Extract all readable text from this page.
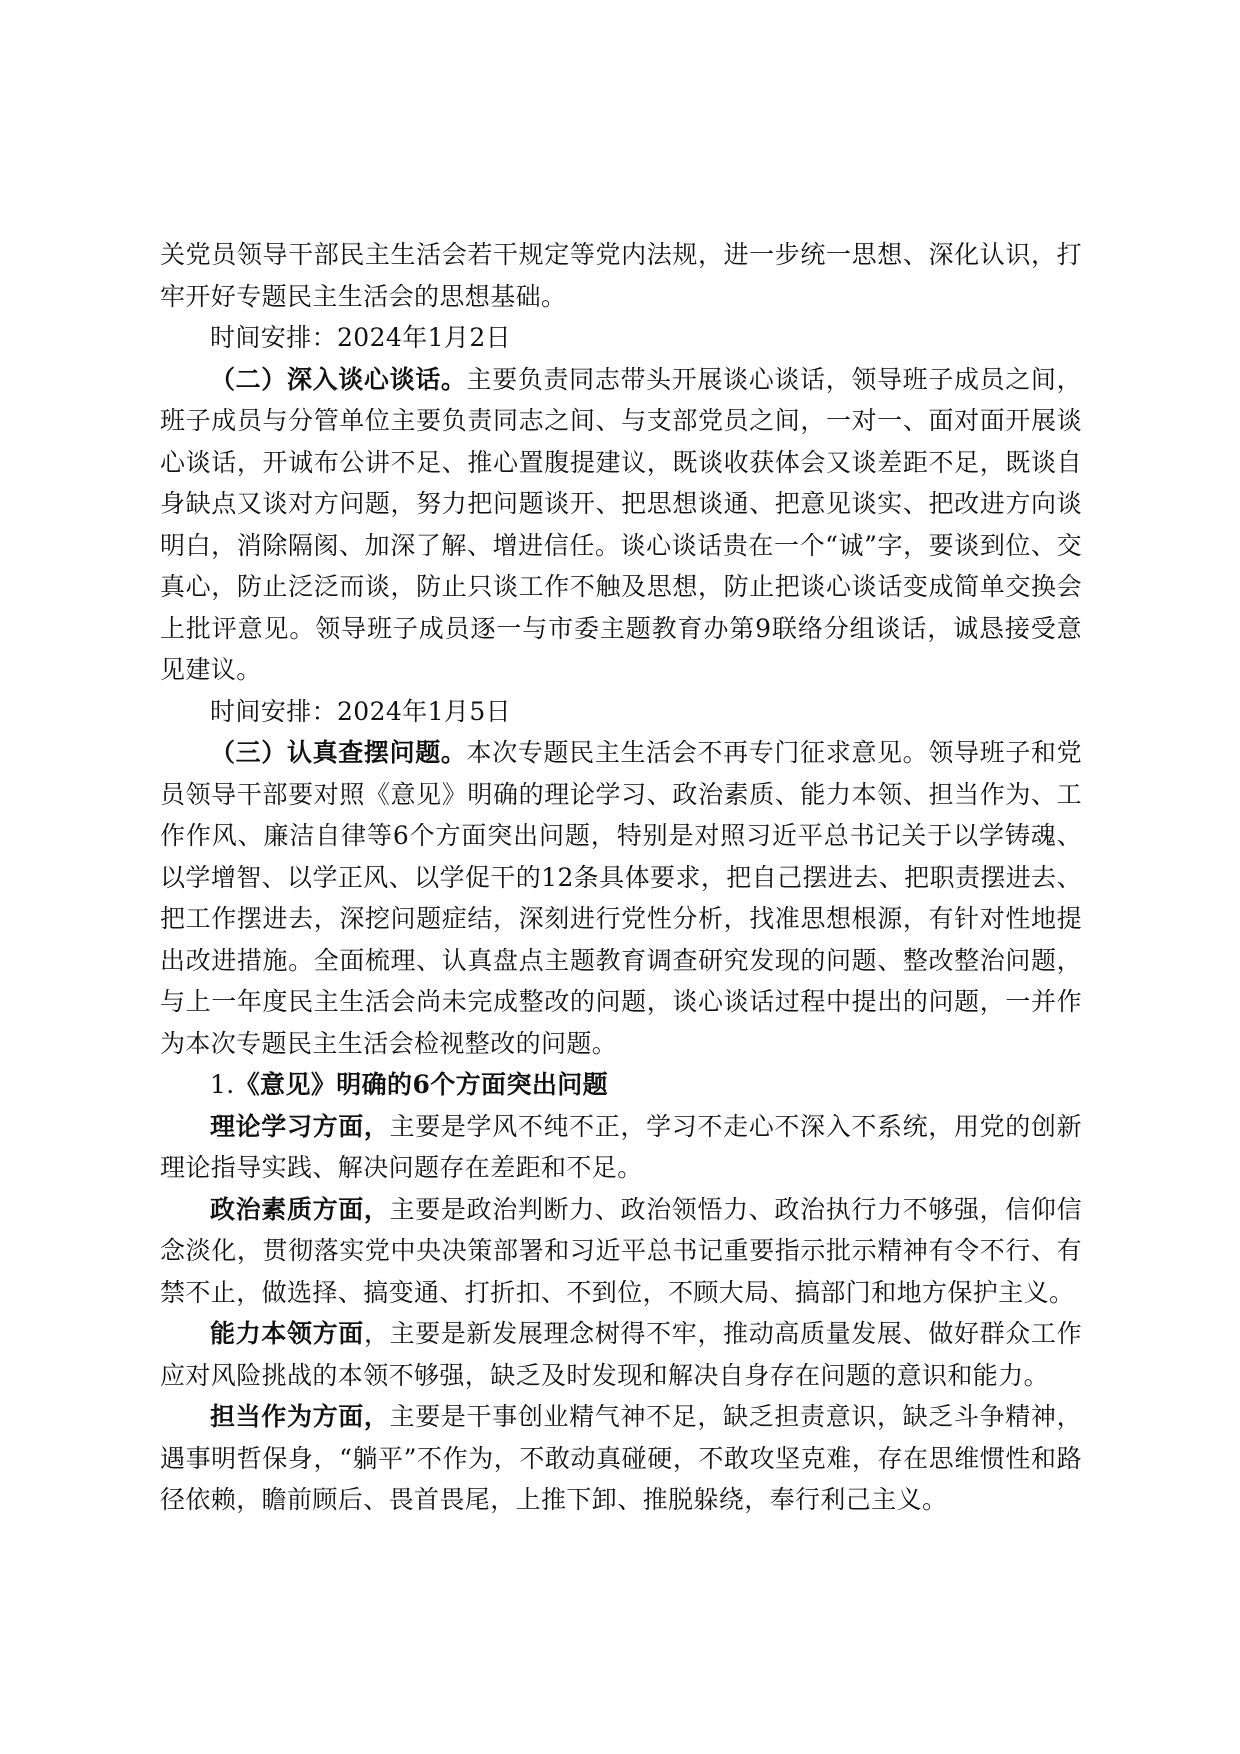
关党员领导干部民主生活会若干规定等党内法规，进一步统一思想、深化认识，打牢开好专题民主生活会的思想基础。

时间安排：2024年1月2日

（二）深入谈心谈话。主要负责同志带头开展谈心谈话，领导班子成员之间，班子成员与分管单位主要负责同志之间、与支部党员之间，一对一、面对面开展谈心谈话，开诚布公讲不足、推心置腹提建议，既谈收获体会又谈差距不足，既谈自身缺点又谈对方问题，努力把问题谈开、把思想谈通、把意见谈实、把改进方向谈明白，消除隔阂、加深了解、增进信任。谈心谈话贵在一个“诚”字，要谈到位、交真心，防止泛泛而谈，防止只谈工作不触及思想，防止把谈心谈话变成简单交换会上批评意见。领导班子成员逐一与市委主题教育办第9联络分组谈话，诚恳接受意见建议。

时间安排：2024年1月5日

（三）认真查摆问题。本次专题民主生活会不再专门征求意见。领导班子和党员领导干部要对照《意见》明确的理论学习、政治素质、能力本领、担当作为、工作作风、廉洁自律等6个方面突出问题，特别是对照习近平总书记关于以学铸魂、以学增智、以学正风、以学促干的12条具体要求，把自己摆进去、把职责摆进去、把工作摆进去，深挖问题症结，深刻进行党性分析，找准思想根源，有针对性地提出改进措施。全面梳理、认真盘点主题教育调查研究发现的问题、整改整治问题，与上一年度民主生活会尚未完成整改的问题，谈心谈话过程中提出的问题，一并作为本次专题民主生活会检视整改的问题。

1.《意见》明确的6个方面突出问题

理论学习方面，主要是学风不纯不正，学习不走心不深入不系统，用党的创新理论指导实践、解决问题存在差距和不足。

政治素质方面，主要是政治判断力、政治领悟力、政治执行力不够强，信仰信念淡化，贯彻落实党中央决策部署和习近平总书记重要指示批示精神有令不行、有禁不止，做选择、搞变通、打折扣、不到位，不顾大局、搞部门和地方保护主义。

能力本领方面，主要是新发展理念树得不牢，推动高质量发展、做好群众工作应对风险挑战的本领不够强，缺乏及时发现和解决自身存在问题的意识和能力。

担当作为方面，主要是干事创业精气神不足，缺乏担责意识，缺乏斗争精神，遇事明哲保身，“躺平”不作为，不敢动真碰硬，不敢攻坚克难，存在思维惯性和路径依赖，瞻前顾后、畏首畏尾，上推下卸、推脱躲绕，奉行利己主义。
